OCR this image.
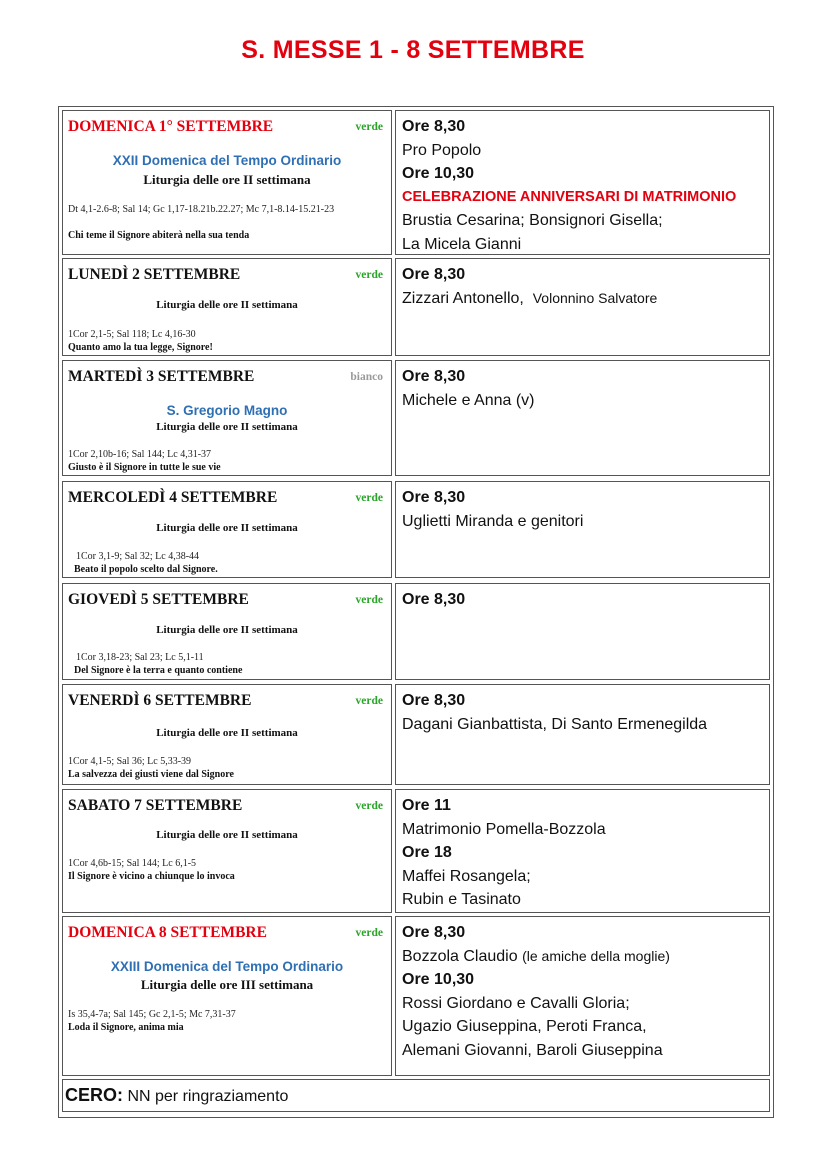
S. MESSE 1 - 8 SETTEMBRE
DOMENICA 1° SETTEMBRE	verde
XXII Domenica del Tempo Ordinario
Liturgia delle ore II settimana
Dt 4,1-2.6-8; Sal 14; Gc 1,17-18.21b.22.27; Mc 7,1-8.14-15.21-23
Chi teme il Signore abiterà nella sua tenda
Ore 8,30
Pro Popolo
Ore 10,30
CELEBRAZIONE ANNIVERSARI DI MATRIMONIO
Brustia Cesarina; Bonsignori Gisella;
La Micela Gianni
LUNEDÌ 2 SETTEMBRE	verde
Liturgia delle ore II settimana
1Cor 2,1-5; Sal 118; Lc 4,16-30
Quanto amo la tua legge, Signore!
Ore 8,30
Zizzari Antonello, Volonnino Salvatore
MARTEDÌ 3 SETTEMBRE	bianco
S. Gregorio Magno
Liturgia delle ore II settimana
1Cor 2,10b-16; Sal 144; Lc 4,31-37
Giusto è il Signore in tutte le sue vie
Ore 8,30
Michele e Anna (v)
MERCOLEDÌ 4 SETTEMBRE	verde
Liturgia delle ore II settimana
1Cor 3,1-9; Sal 32; Lc 4,38-44
Beato il popolo scelto dal Signore.
Ore 8,30
Uglietti Miranda e genitori
GIOVEDÌ 5 SETTEMBRE	verde
Liturgia delle ore II settimana
1Cor 3,18-23; Sal 23; Lc 5,1-11
Del Signore è la terra e quanto contiene
Ore 8,30
VENERDÌ 6 SETTEMBRE	verde
Liturgia delle ore II settimana
1Cor 4,1-5; Sal 36; Lc 5,33-39
La salvezza dei giusti viene dal Signore
Ore 8,30
Dagani Gianbattista, Di Santo Ermenegilda
SABATO 7 SETTEMBRE	verde
Liturgia delle ore II settimana
1Cor 4,6b-15; Sal 144; Lc 6,1-5
Il Signore è vicino a chiunque lo invoca
Ore 11
Matrimonio Pomella-Bozzola
Ore 18
Maffei Rosangela;
Rubin e Tasinato
DOMENICA 8 SETTEMBRE	verde
XXIII Domenica del Tempo Ordinario
Liturgia delle ore III settimana
Is 35,4-7a; Sal 145; Gc 2,1-5; Mc 7,31-37
Loda il Signore, anima mia
Ore 8,30
Bozzola Claudio (le amiche della moglie)
Ore 10,30
Rossi Giordano e Cavalli Gloria;
Ugazio Giuseppina, Peroti Franca,
Alemani Giovanni, Baroli Giuseppina
CERO: NN per ringraziamento
